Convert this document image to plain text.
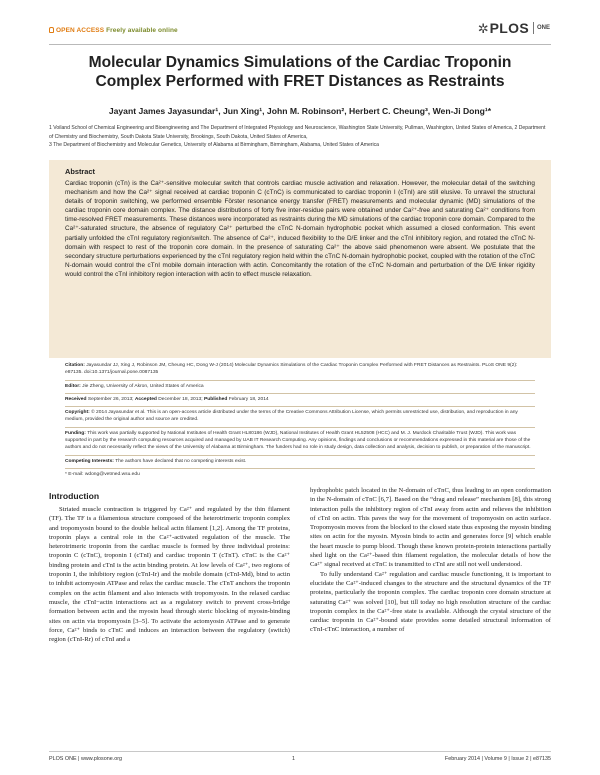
OPEN ACCESS Freely available online	✲ PLOS ONE
Molecular Dynamics Simulations of the Cardiac Troponin Complex Performed with FRET Distances as Restraints
Jayant James Jayasundar¹, Jun Xing¹, John M. Robinson², Herbert C. Cheung³, Wen-Ji Dong¹*
1 Voiland School of Chemical Engineering and Bioengineering and The Department of Integrated Physiology and Neuroscience, Washington State University, Pullman, Washington, United States of America, 2 Department of Chemistry and Biochemistry, South Dakota State University, Brookings, South Dakota, United States of America,
3 The Department of Biochemistry and Molecular Genetics, University of Alabama at Birmingham, Birmingham, Alabama, United States of America
Abstract
Cardiac troponin (cTn) is the Ca²⁺-sensitive molecular switch that controls cardiac muscle activation and relaxation. However, the molecular detail of the switching mechanism and how the Ca²⁺ signal received at cardiac troponin C (cTnC) is communicated to cardiac troponin I (cTnI) are still elusive. To unravel the structural details of troponin switching, we performed ensemble Förster resonance energy transfer (FRET) measurements and molecular dynamic (MD) simulations of the cardiac troponin core domain complex. The distance distributions of forty five inter-residue pairs were obtained under Ca²⁺-free and saturating Ca²⁺ conditions from time-resolved FRET measurements. These distances were incorporated as restraints during the MD simulations of the cardiac troponin core domain. Compared to the Ca²⁺-saturated structure, the absence of regulatory Ca²⁺ perturbed the cTnC N-domain hydrophobic pocket which assumed a closed conformation. This event partially unfolded the cTnI regulatory region/switch. The absence of Ca²⁺, induced flexibility to the D/E linker and the cTnI inhibitory region, and rotated the cTnC N-domain with respect to rest of the troponin core domain. In the presence of saturating Ca²⁺ the above said phenomenon were absent. We postulate that the secondary structure perturbations experienced by the cTnI regulatory region held within the cTnC N-domain hydrophobic pocket, coupled with the rotation of the cTnC N-domain would control the cTnI mobile domain interaction with actin. Concomitantly the rotation of the cTnC N-domain and perturbation of the D/E linker rigidity would control the cTnI inhibitory region interaction with actin to effect muscle relaxation.
Citation: Jayasundar JJ, Xing J, Robinson JM, Cheung HC, Dong W-J (2014) Molecular Dynamics Simulations of the Cardiac Troponin Complex Performed with FRET Distances as Restraints. PLoS ONE 9(2): e87135. doi:10.1371/journal.pone.0087135
Editor: Jie Zheng, University of Akron, United States of America
Received September 26, 2013; Accepted December 18, 2013; Published February 18, 2014
Copyright: © 2014 Jayasundar et al. This is an open-access article distributed under the terms of the Creative Commons Attribution License, which permits unrestricted use, distribution, and reproduction in any medium, provided the original author and source are credited.
Funding: This work was partially supported by National Institutes of Health Grant HL80186 (WJD), National Institutes of Health Grant HL52508 (HCC) and M. J. Murdock Charitable Trust (WJD). This work was supported in part by the research computing resources acquired and managed by UAB IT Research Computing. Any opinions, findings and conclusions or recommendations expressed in this material are those of the authors and do not necessarily reflect the views of the University of Alabama at Birmingham. The funders had no role in study design, data collection and analysis, decision to publish, or preparation of the manuscript.
Competing Interests: The authors have declared that no competing interests exist.
* E-mail: wdong@vetmed.wsu.edu
Introduction

Striated muscle contraction is triggered by Ca²⁺ and regulated by the thin filament (TF). The TF is a filamentous structure composed of the heterotrimeric troponin complex and tropomyosin bound to the double helical actin filament [1,2]. Among the TF proteins, troponin plays a central role in the Ca²⁺-activated regulation of the muscle. The heterotrimeric troponin from the cardiac muscle is formed by three individual proteins: troponin C (cTnC), troponin I (cTnI) and cardiac troponin T (cTnT). cTnC is the Ca²⁺ binding protein and cTnI is the actin binding protein. At low levels of Ca²⁺, two regions of troponin I, the inhibitory region (cTnI-Ir) and the mobile domain (cTnI-Md), bind to actin to inhibit actomyosin ATPase and relax the cardiac muscle. The cTnT anchors the troponin complex on the actin filament and also interacts with tropomyosin. In the relaxed cardiac muscle, the cTnI−actin interactions act as a regulatory switch to prevent cross-bridge formation between actin and the myosin head through steric blocking of myosin-binding sites on actin via tropomyosin [3–5]. To activate the actomyosin ATPase and to generate force, Ca²⁺ binds to cTnC and induces an interaction between the regulatory (switch) region (cTnI-Rr) of cTnI and a

hydrophobic patch located in the N-domain of cTnC, thus leading to an open conformation in the N-domain of cTnC [6,7]. Based on the “drag and release” mechanism [8], this strong interaction pulls the inhibitory region of cTnI away from actin and relieves the inhibition of cTnI on actin. This paves the way for the movement of tropomyosin on actin surface. Tropomyosin moves from the blocked to the closed state thus exposing the myosin binding sites on actin for the myosin. Myosin binds to actin and generates force [9] which enable the heart muscle to pump blood. Though these known protein-protein interactions partially shed light on the Ca²⁺-based thin filament regulation, the molecular details of how the Ca²⁺ signal received at cTnC is transmitted to cTnI are still not well understood.

To fully understand Ca²⁺ regulation and cardiac muscle functioning, it is important to elucidate the Ca²⁺-induced changes to the structure and the structural dynamics of the TF proteins, particularly the troponin complex. The cardiac troponin core domain structure at saturating Ca²⁺ was solved [10], but till today no high resolution structure of the cardiac troponin complex in the Ca²⁺-free state is available. Although the crystal structure of the cardiac troponin in Ca²⁺-bound state provides some detailed structural information of cTnI-cTnC interaction, a number of

PLOS ONE | www.plosone.org	1	February 2014 | Volume 9 | Issue 2 | e87135
